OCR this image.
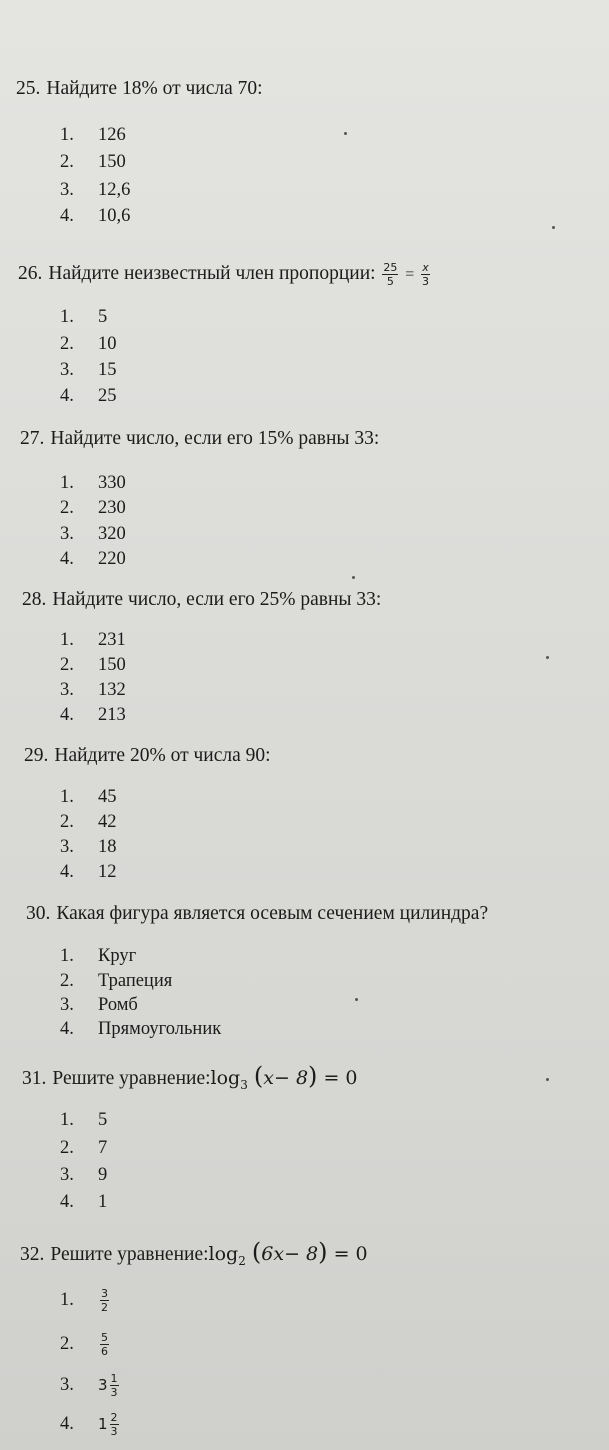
25. Найдите 18% от числа 70:
1. 126
2. 150
3. 12,6
4. 10,6
26. Найдите неизвестный член пропорции: $\frac{25}{5} = \frac{x}{3}$
1. 5
2. 10
3. 15
4. 25
27. Найдите число, если его 15% равны 33:
1. 330
2. 230
3. 320
4. 220
28. Найдите число, если его 25% равны 33:
1. 231
2. 150
3. 132
4. 213
29. Найдите 20% от числа 90:
1. 45
2. 42
3. 18
4. 12
30. Какая фигура является осевым сечением цилиндра?
1. Круг
2. Трапеция
3. Ромб
4. Прямоугольник
31. Решите $уравнение:\log_3$ (x− 8) = 0
1. 5
2. 7
3. 9
4. 1
32. Решите $уравнение:\log_2$ (6x− 8) = 0
1. $\frac{3}{2}$
2. $\frac{5}{6}$
3. $3 \frac{1}{3}$
4. $1 \frac{2}{3}$
